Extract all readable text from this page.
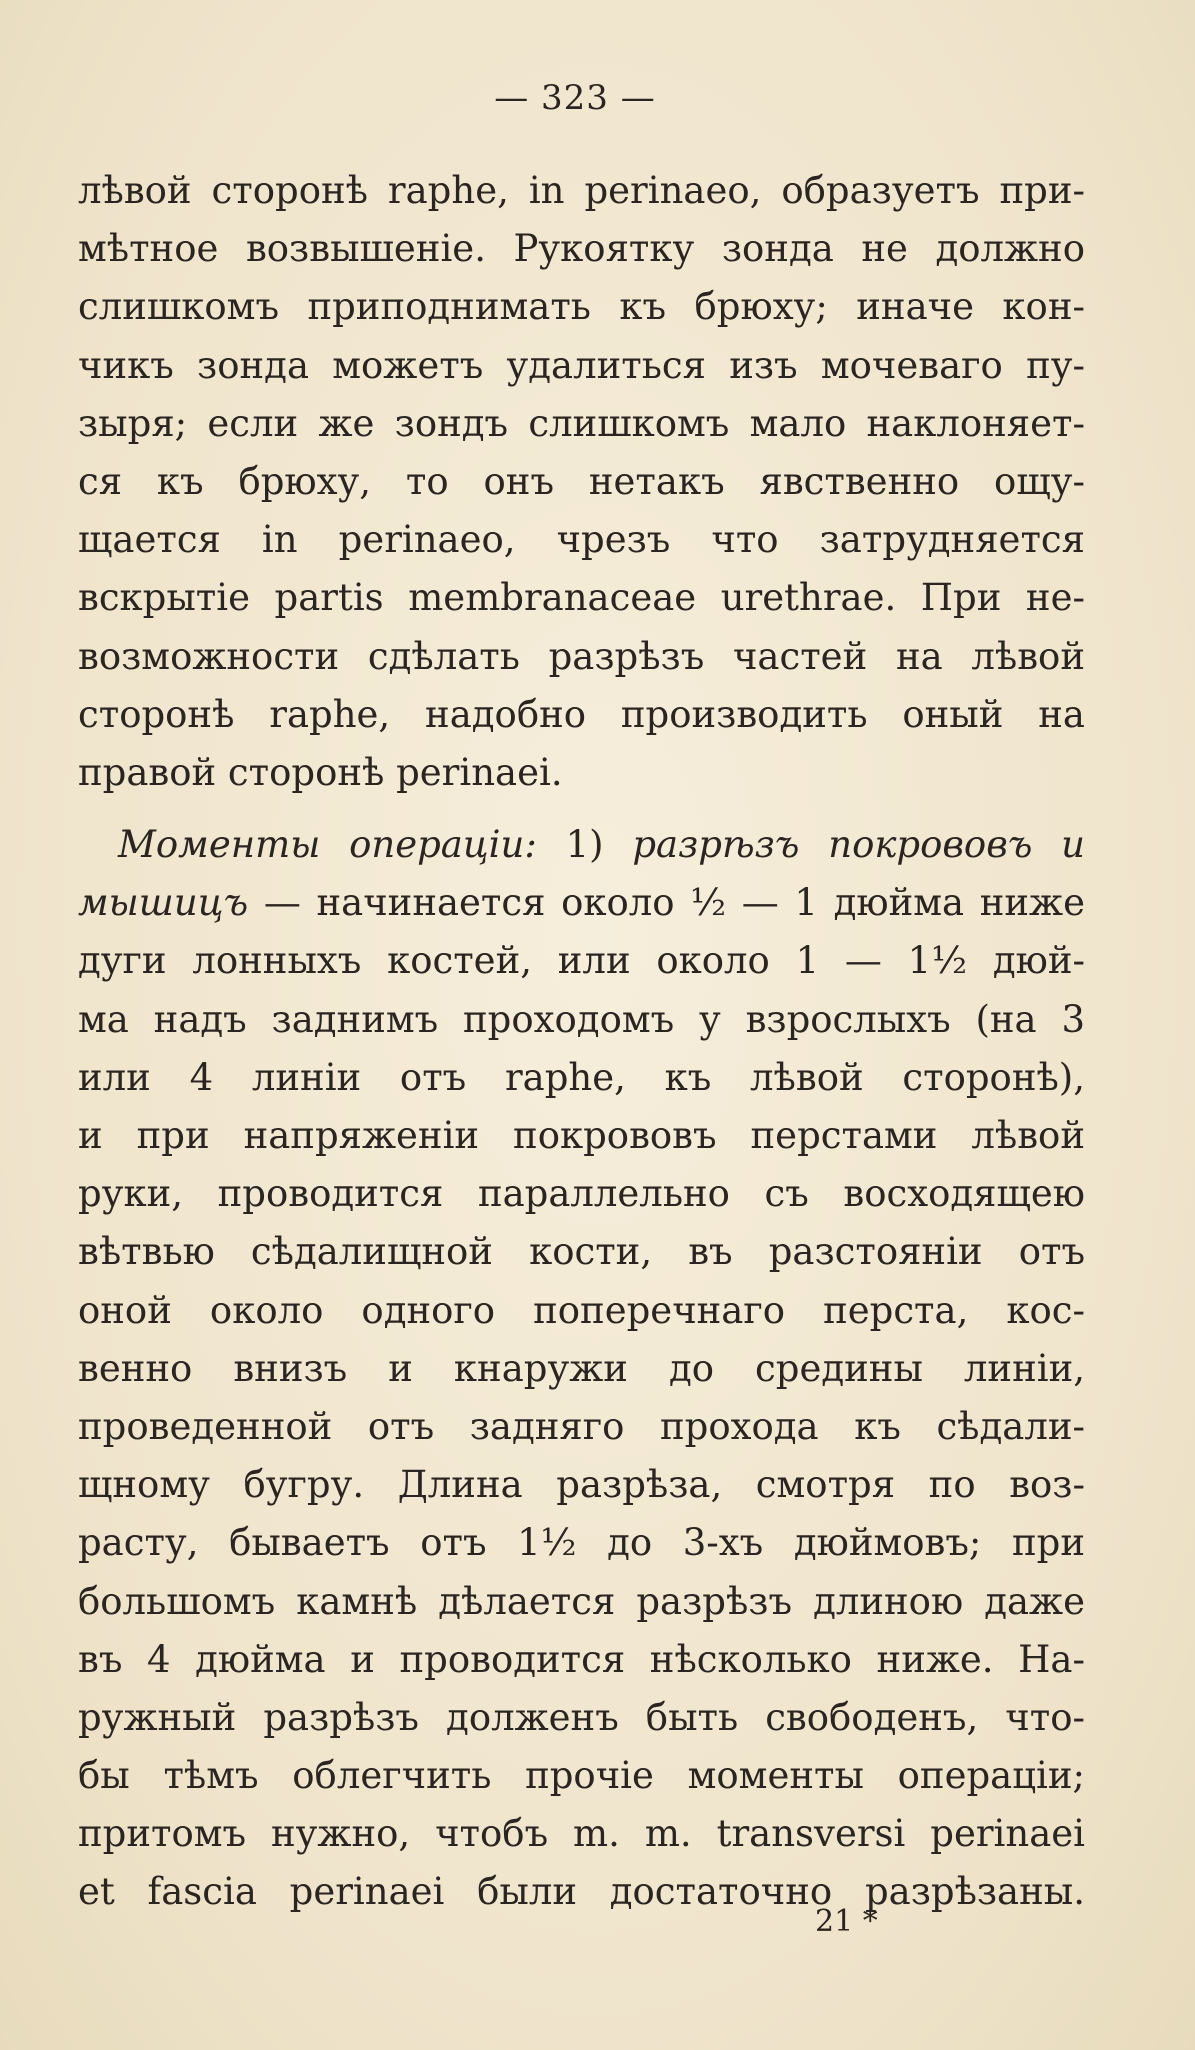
— 323 —
лѣвой сторонѣ raphe, in perinaeo, образуетъ при-
мѣтное возвышенiе. Рукоятку зонда не должно
слишкомъ приподнимать къ брюху; иначе кон-
чикъ зонда можетъ удалиться изъ мочеваго пу-
зыря; если же зондъ слишкомъ мало наклоняет-
ся къ брюху, то онъ нетакъ явственно ощу-
щается in perinaeo, чрезъ что затрудняется
вскрытiе partis membranaceae urethrae. При не-
возможности сдѣлать разрѣзъ частей на лѣвой
сторонѣ raphe, надобно производить оный на
правой сторонѣ perinaei.
Моменты операцiи: 1) разрѣзъ покрововъ и
мышицъ — начинается около ½ — 1 дюйма ниже
дуги лонныхъ костей, или около 1 — 1½ дюй-
ма надъ заднимъ проходомъ у взрослыхъ (на 3
или 4 линiи отъ raphe, къ лѣвой сторонѣ),
и при напряженiи покрововъ перстами лѣвой
руки, проводится параллельно съ восходящею
вѣтвью сѣдалищной кости, въ разстоянiи отъ
оной около одного поперечнаго перста, кос-
венно внизъ и кнаружи до средины линiи,
проведенной отъ задняго прохода къ сѣдали-
щному бугру. Длина разрѣза, смотря по воз-
расту, бываетъ отъ 1½ до 3-хъ дюймовъ; при
большомъ камнѣ дѣлается разрѣзъ длиною даже
въ 4 дюйма и проводится нѣсколько ниже. На-
ружный разрѣзъ долженъ быть свободенъ, что-
бы тѣмъ облегчить прочiе моменты операцiи;
притомъ нужно, чтобъ m. m. transversi perinaei
et fascia perinaei были достаточно разрѣзаны.
21 *
